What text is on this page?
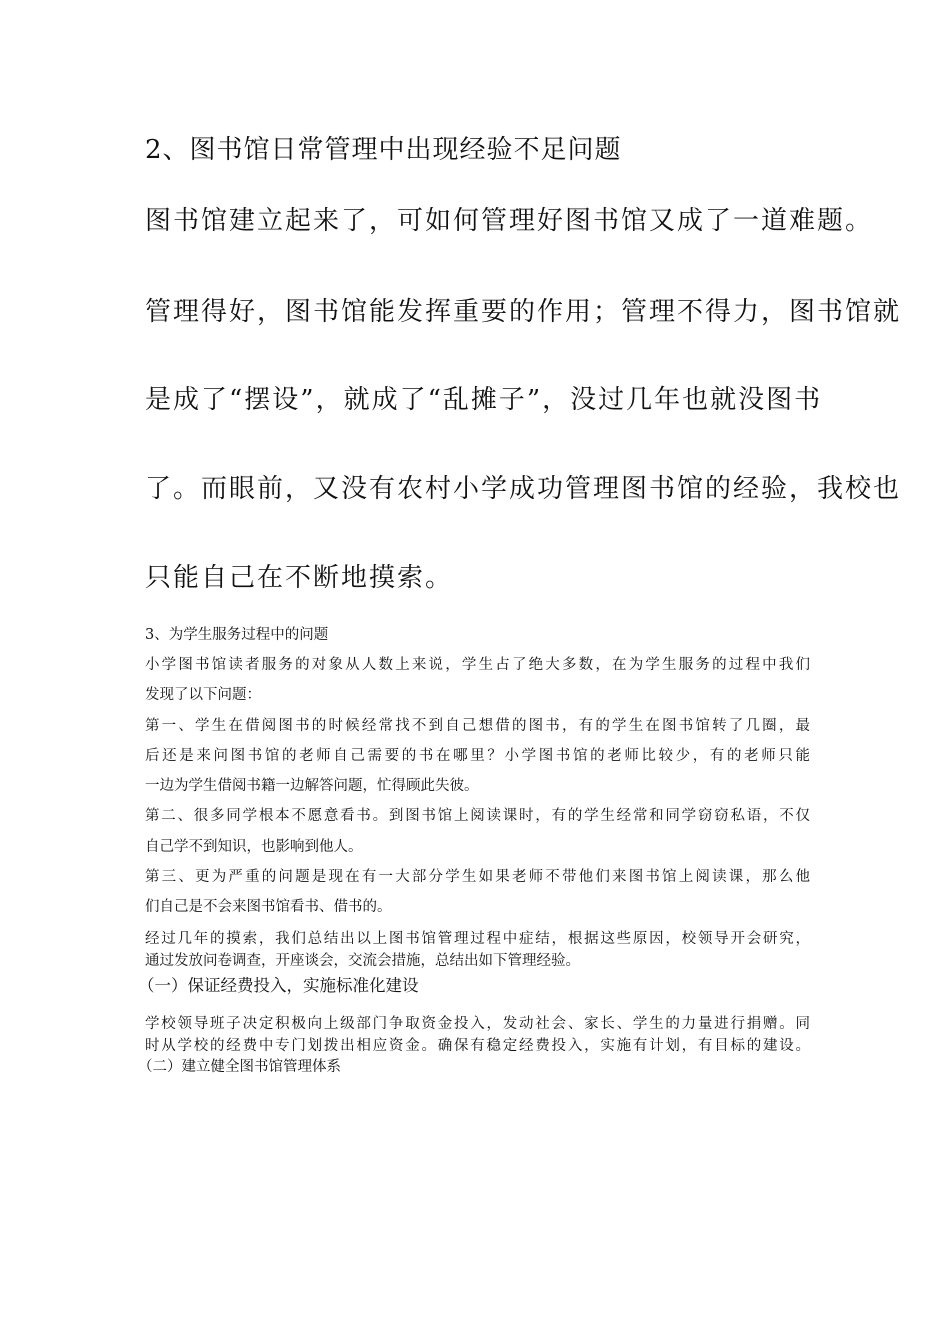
2、图书馆日常管理中出现经验不足问题
图书馆建立起来了，可如何管理好图书馆又成了一道难题。
管理得好，图书馆能发挥重要的作用；管理不得力，图书馆就
是成了“摆设”，就成了“乱摊子”，没过几年也就没图书
了。而眼前，又没有农村小学成功管理图书馆的经验，我校也
只能自己在不断地摸索。
3、为学生服务过程中的问题
小学图书馆读者服务的对象从人数上来说，学生占了绝大多数，在为学生服务的过程中我们
发现了以下问题：
第一、学生在借阅图书的时候经常找不到自己想借的图书，有的学生在图书馆转了几圈，最
后还是来问图书馆的老师自己需要的书在哪里？小学图书馆的老师比较少，有的老师只能
一边为学生借阅书籍一边解答问题，忙得顾此失彼。
第二、很多同学根本不愿意看书。到图书馆上阅读课时，有的学生经常和同学窃窃私语，不仅
自己学不到知识，也影响到他人。
第三、更为严重的问题是现在有一大部分学生如果老师不带他们来图书馆上阅读课，那么他
们自己是不会来图书馆看书、借书的。
经过几年的摸索，我们总结出以上图书馆管理过程中症结，根据这些原因，校领导开会研究，
通过发放问卷调查，开座谈会，交流会措施，总结出如下管理经验。
（一）保证经费投入，实施标准化建设
学校领导班子决定积极向上级部门争取资金投入，发动社会、家长、学生的力量进行捐赠。同
时从学校的经费中专门划拨出相应资金。确保有稳定经费投入，实施有计划，有目标的建设。
（二）建立健全图书馆管理体系
